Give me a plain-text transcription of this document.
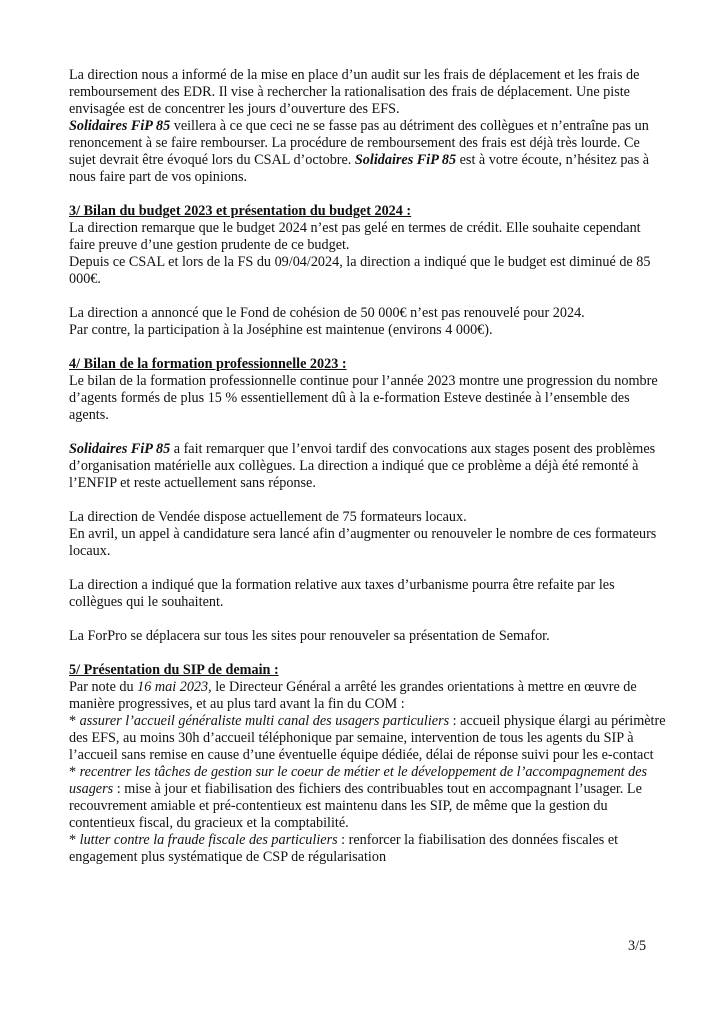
La direction nous a informé de la mise en place d’un audit sur les frais de déplacement et les frais de remboursement des EDR. Il vise à rechercher la rationalisation des frais de déplacement. Une piste envisagée est de concentrer les jours d’ouverture des EFS.

Solidaires FiP 85 veillera à ce que ceci ne se fasse pas au détriment des collègues et n’entraîne pas un renoncement à se faire rembourser. La procédure de remboursement des frais est déjà très lourde. Ce sujet devrait être évoqué lors du CSAL d’octobre. Solidaires FiP 85 est à votre écoute, n’hésitez pas à nous faire part de vos opinions.

3/ Bilan du budget 2023 et présentation du budget 2024 :

La direction remarque que le budget 2024 n’est pas gelé en termes de crédit. Elle souhaite cependant faire preuve d’une gestion prudente de ce budget.

Depuis ce CSAL et lors de la FS du 09/04/2024, la direction a indiqué que le budget est diminué de 85 000€.

La direction a annoncé que le Fond de cohésion de 50 000€ n’est pas renouvelé pour 2024.

Par contre, la participation à la Joséphine est maintenue (environs 4 000€).

4/ Bilan de la formation professionnelle 2023 :

Le bilan de la formation professionnelle continue pour l’année 2023 montre une progression du nombre d’agents formés de plus 15 % essentiellement dû à la e-formation Esteve destinée à l’ensemble des agents.

Solidaires FiP 85 a fait remarquer que l’envoi tardif des convocations aux stages posent des problèmes d’organisation matérielle aux collègues. La direction a indiqué que ce problème a déjà été remonté à l’ENFIP et reste actuellement sans réponse.

La direction de Vendée dispose actuellement de 75 formateurs locaux.

En avril, un appel à candidature sera lancé afin d’augmenter ou renouveler le nombre de ces formateurs locaux.

La direction a indiqué que la formation relative aux taxes d’urbanisme pourra être refaite par les collègues qui le souhaitent.

La ForPro se déplacera sur tous les sites pour renouveler sa présentation de Semafor.

5/ Présentation du SIP de demain :

Par note du 16 mai 2023, le Directeur Général a arrêté les grandes orientations à mettre en œuvre de manière progressives, et au plus tard avant la fin du COM :

* assurer l’accueil généraliste multi canal des usagers particuliers : accueil physique élargi au périmètre des EFS, au moins 30h d’accueil téléphonique par semaine, intervention de tous les agents du SIP à l’accueil sans remise en cause d’une éventuelle équipe dédiée, délai de réponse suivi pour les e-contact

* recentrer les tâches de gestion sur le coeur de métier et le développement de l’accompagnement des usagers : mise à jour et fiabilisation des fichiers des contribuables tout en accompagnant l’usager. Le recouvrement amiable et pré-contentieux est maintenu dans les SIP, de même que la gestion du contentieux fiscal, du gracieux et la comptabilité.

* lutter contre la fraude fiscale des particuliers : renforcer la fiabilisation des données fiscales et engagement plus systématique de CSP de régularisation

3/5
